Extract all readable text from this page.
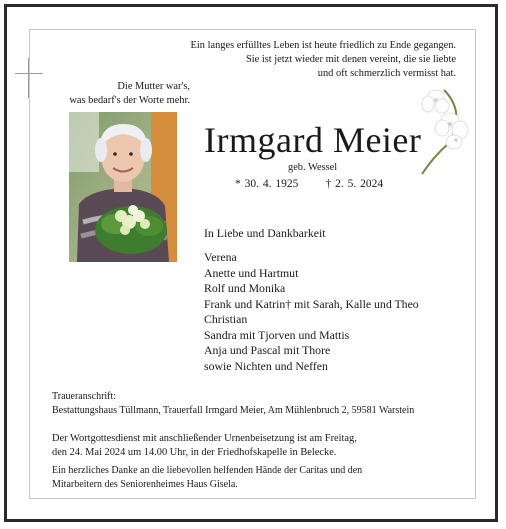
Ein langes erfülltes Leben ist heute friedlich zu Ende gegangen.
Sie ist jetzt wieder mit denen vereint, die sie liebte
und oft schmerzlich vermisst hat.
Die Mutter war's,
was bedarf's der Worte mehr.
Irmgard Meier
geb. Wessel
* 30. 4. 1925 † 2. 5. 2024
In Liebe und Dankbarkeit
Verena
Anette und Hartmut
Rolf und Monika
Frank und Katrin† mit Sarah, Kalle und Theo
Christian
Sandra mit Tjorven und Mattis
Anja und Pascal mit Thore
sowie Nichten und Neffen
Traueranschrift:
Bestattungshaus Tüllmann, Trauerfall Irmgard Meier, Am Mühlenbruch 2, 59581 Warstein
Der Wortgottesdienst mit anschließender Urnenbeisetzung ist am Freitag,
den 24. Mai 2024 um 14.00 Uhr, in der Friedhofskapelle in Belecke.
Ein herzliches Danke an die liebevollen helfenden Hände der Caritas und den
Mitarbeitern des Seniorenheimes Haus Gisela.
